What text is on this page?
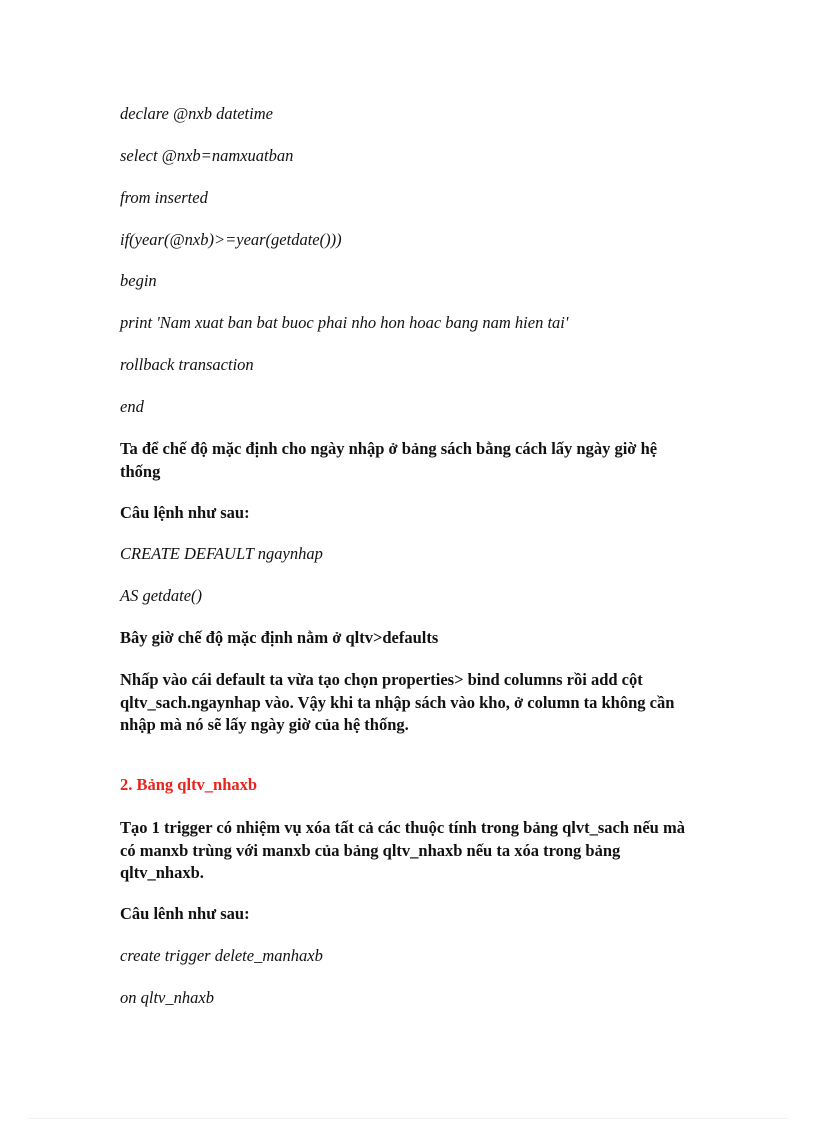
declare @nxb datetime
select @nxb=namxuatban
from inserted
if(year(@nxb)>=year(getdate()))
begin
print 'Nam xuat ban bat buoc phai nho hon hoac bang nam hien tai'
rollback transaction
end
Ta để chế độ mặc định cho ngày nhập ở bảng sách bằng cách lấy ngày giờ hệ thống
Câu lệnh như sau:
CREATE DEFAULT ngaynhap
AS getdate()
Bây giờ chế độ mặc định nằm ở qltv>defaults
Nhấp vào cái default ta vừa tạo chọn properties> bind columns rồi add cột qltv_sach.ngaynhap vào. Vậy khi ta nhập sách vào kho, ở column ta không cần nhập mà nó sẽ lấy ngày giờ của hệ thống.
2. Bảng qltv_nhaxb
Tạo 1 trigger có nhiệm vụ xóa tất cả các thuộc tính trong bảng qlvt_sach nếu mà có manxb trùng với manxb của bảng qltv_nhaxb nếu ta xóa trong bảng qltv_nhaxb.
Câu lênh như sau:
create trigger delete_manhaxb
on qltv_nhaxb
